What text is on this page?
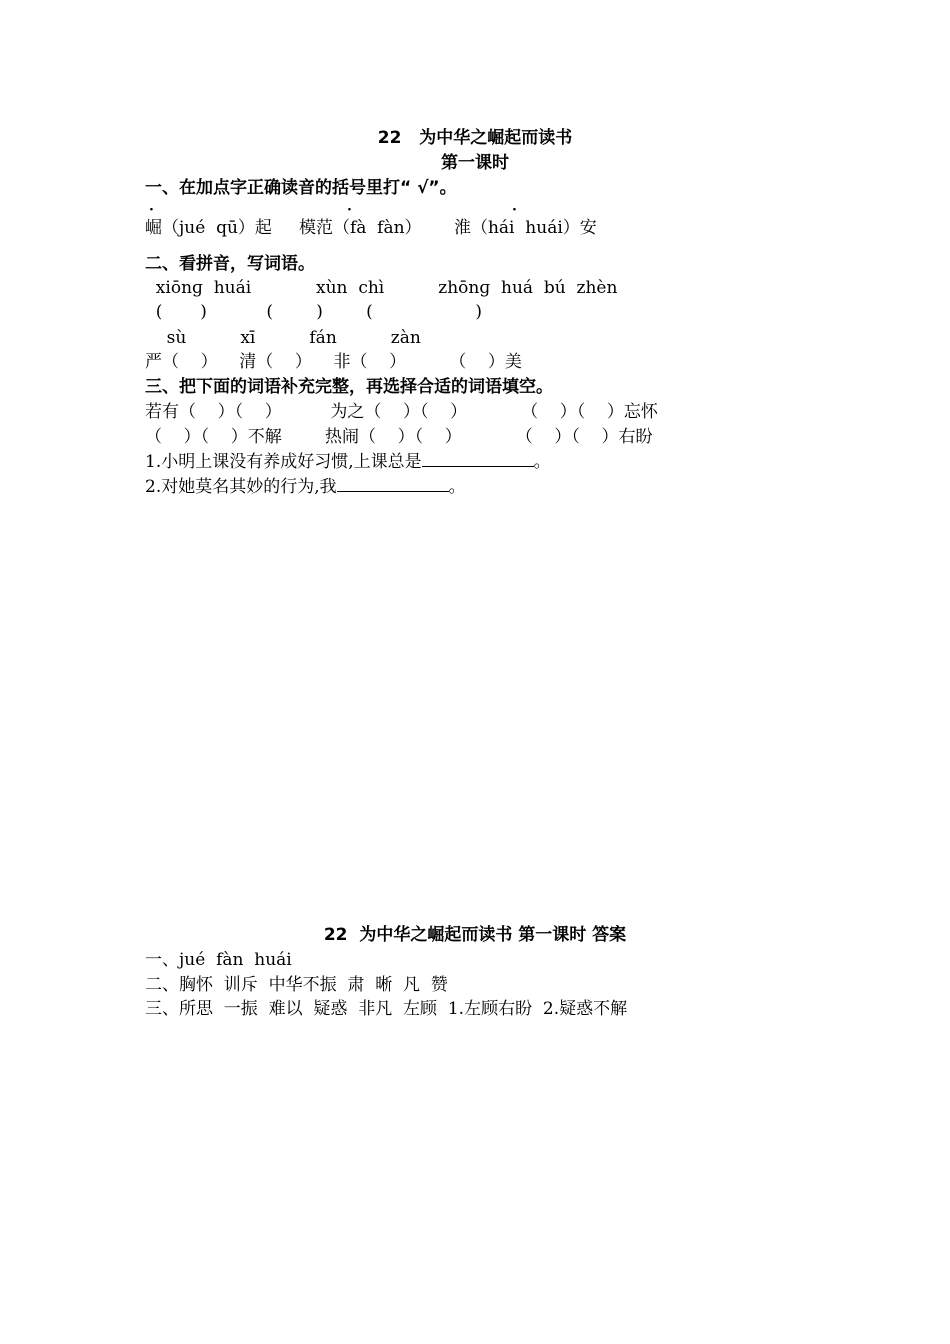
22   为中华之崛起而读书
第一课时
一、在加点字正确读音的括号里打“ √”。
·	·	·
崛（jué  qū）起     模范（fà  fàn）      淮（hái  huái）安
二、看拼音，写词语。
xiōnɡ  huái            xùn  chì          zhōnɡ  huá  bú  zhèn
(       )           (        )        (                   )
sù          xī          fán          zàn
严（    ）    清（    ）    非（    ）        （    ）美
三、把下面的词语补充完整，再选择合适的词语填空。
若有（    ）（    ）         为之（    ）（    ）          （    ）（    ）忘怀
（    ）（    ）不解        热闹（    ）（    ）          （    ）（    ）右盼
1.小明上课没有养成好习惯,上课总是	。
2.对她莫名其妙的行为,我	。
22  为中华之崛起而读书 第一课时 答案
一、jué  fàn  huái
二、胸怀  训斥  中华不振  肃  晰  凡  赞
三、所思  一振  难以  疑惑  非凡  左顾  1.左顾右盼  2.疑惑不解
